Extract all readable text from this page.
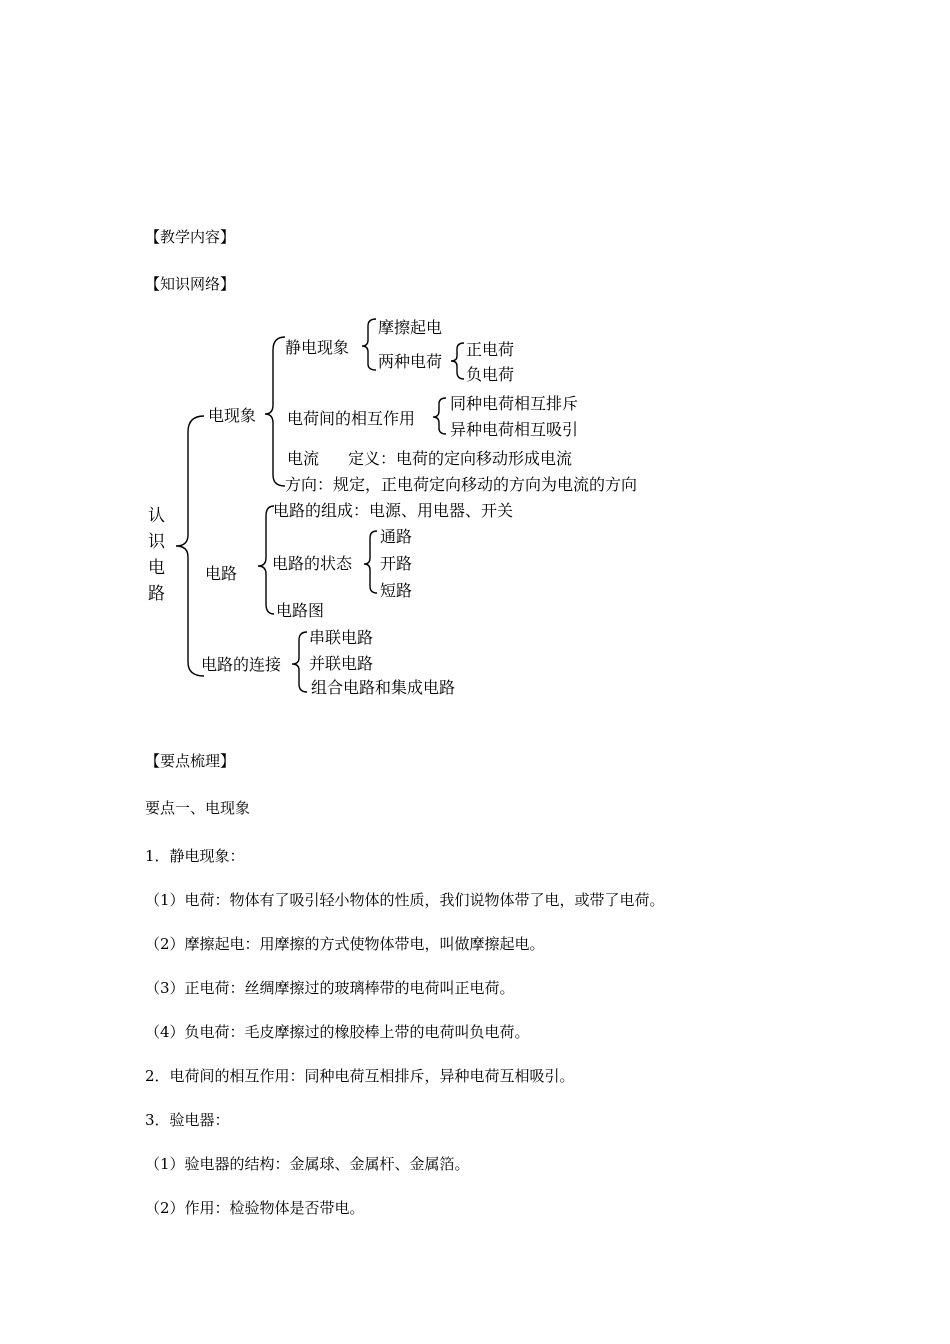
【教学内容】
【知识网络】
认
识
电
路
电现象
静电现象
摩擦起电
两种电荷
正电荷
负电荷
电荷间的相互作用
同种电荷相互排斥
异种电荷相互吸引
电流 定义：电荷的定向移动形成电流
方向：规定，正电荷定向移动的方向为电流的方向
电路
电路的组成：电源、用电器、开关
电路的状态
通路
开路
短路
电路图
电路的连接
串联电路
并联电路
组合电路和集成电路
【要点梳理】
要点一、电现象
1．静电现象：
（1）电荷：物体有了吸引轻小物体的性质，我们说物体带了电，或带了电荷。
（2）摩擦起电：用摩擦的方式使物体带电，叫做摩擦起电。
（3）正电荷：丝绸摩擦过的玻璃棒带的电荷叫正电荷。
（4）负电荷：毛皮摩擦过的橡胶棒上带的电荷叫负电荷。
2．电荷间的相互作用：同种电荷互相排斥，异种电荷互相吸引。
3．验电器：
（1）验电器的结构：金属球、金属杆、金属箔。
（2）作用：检验物体是否带电。
